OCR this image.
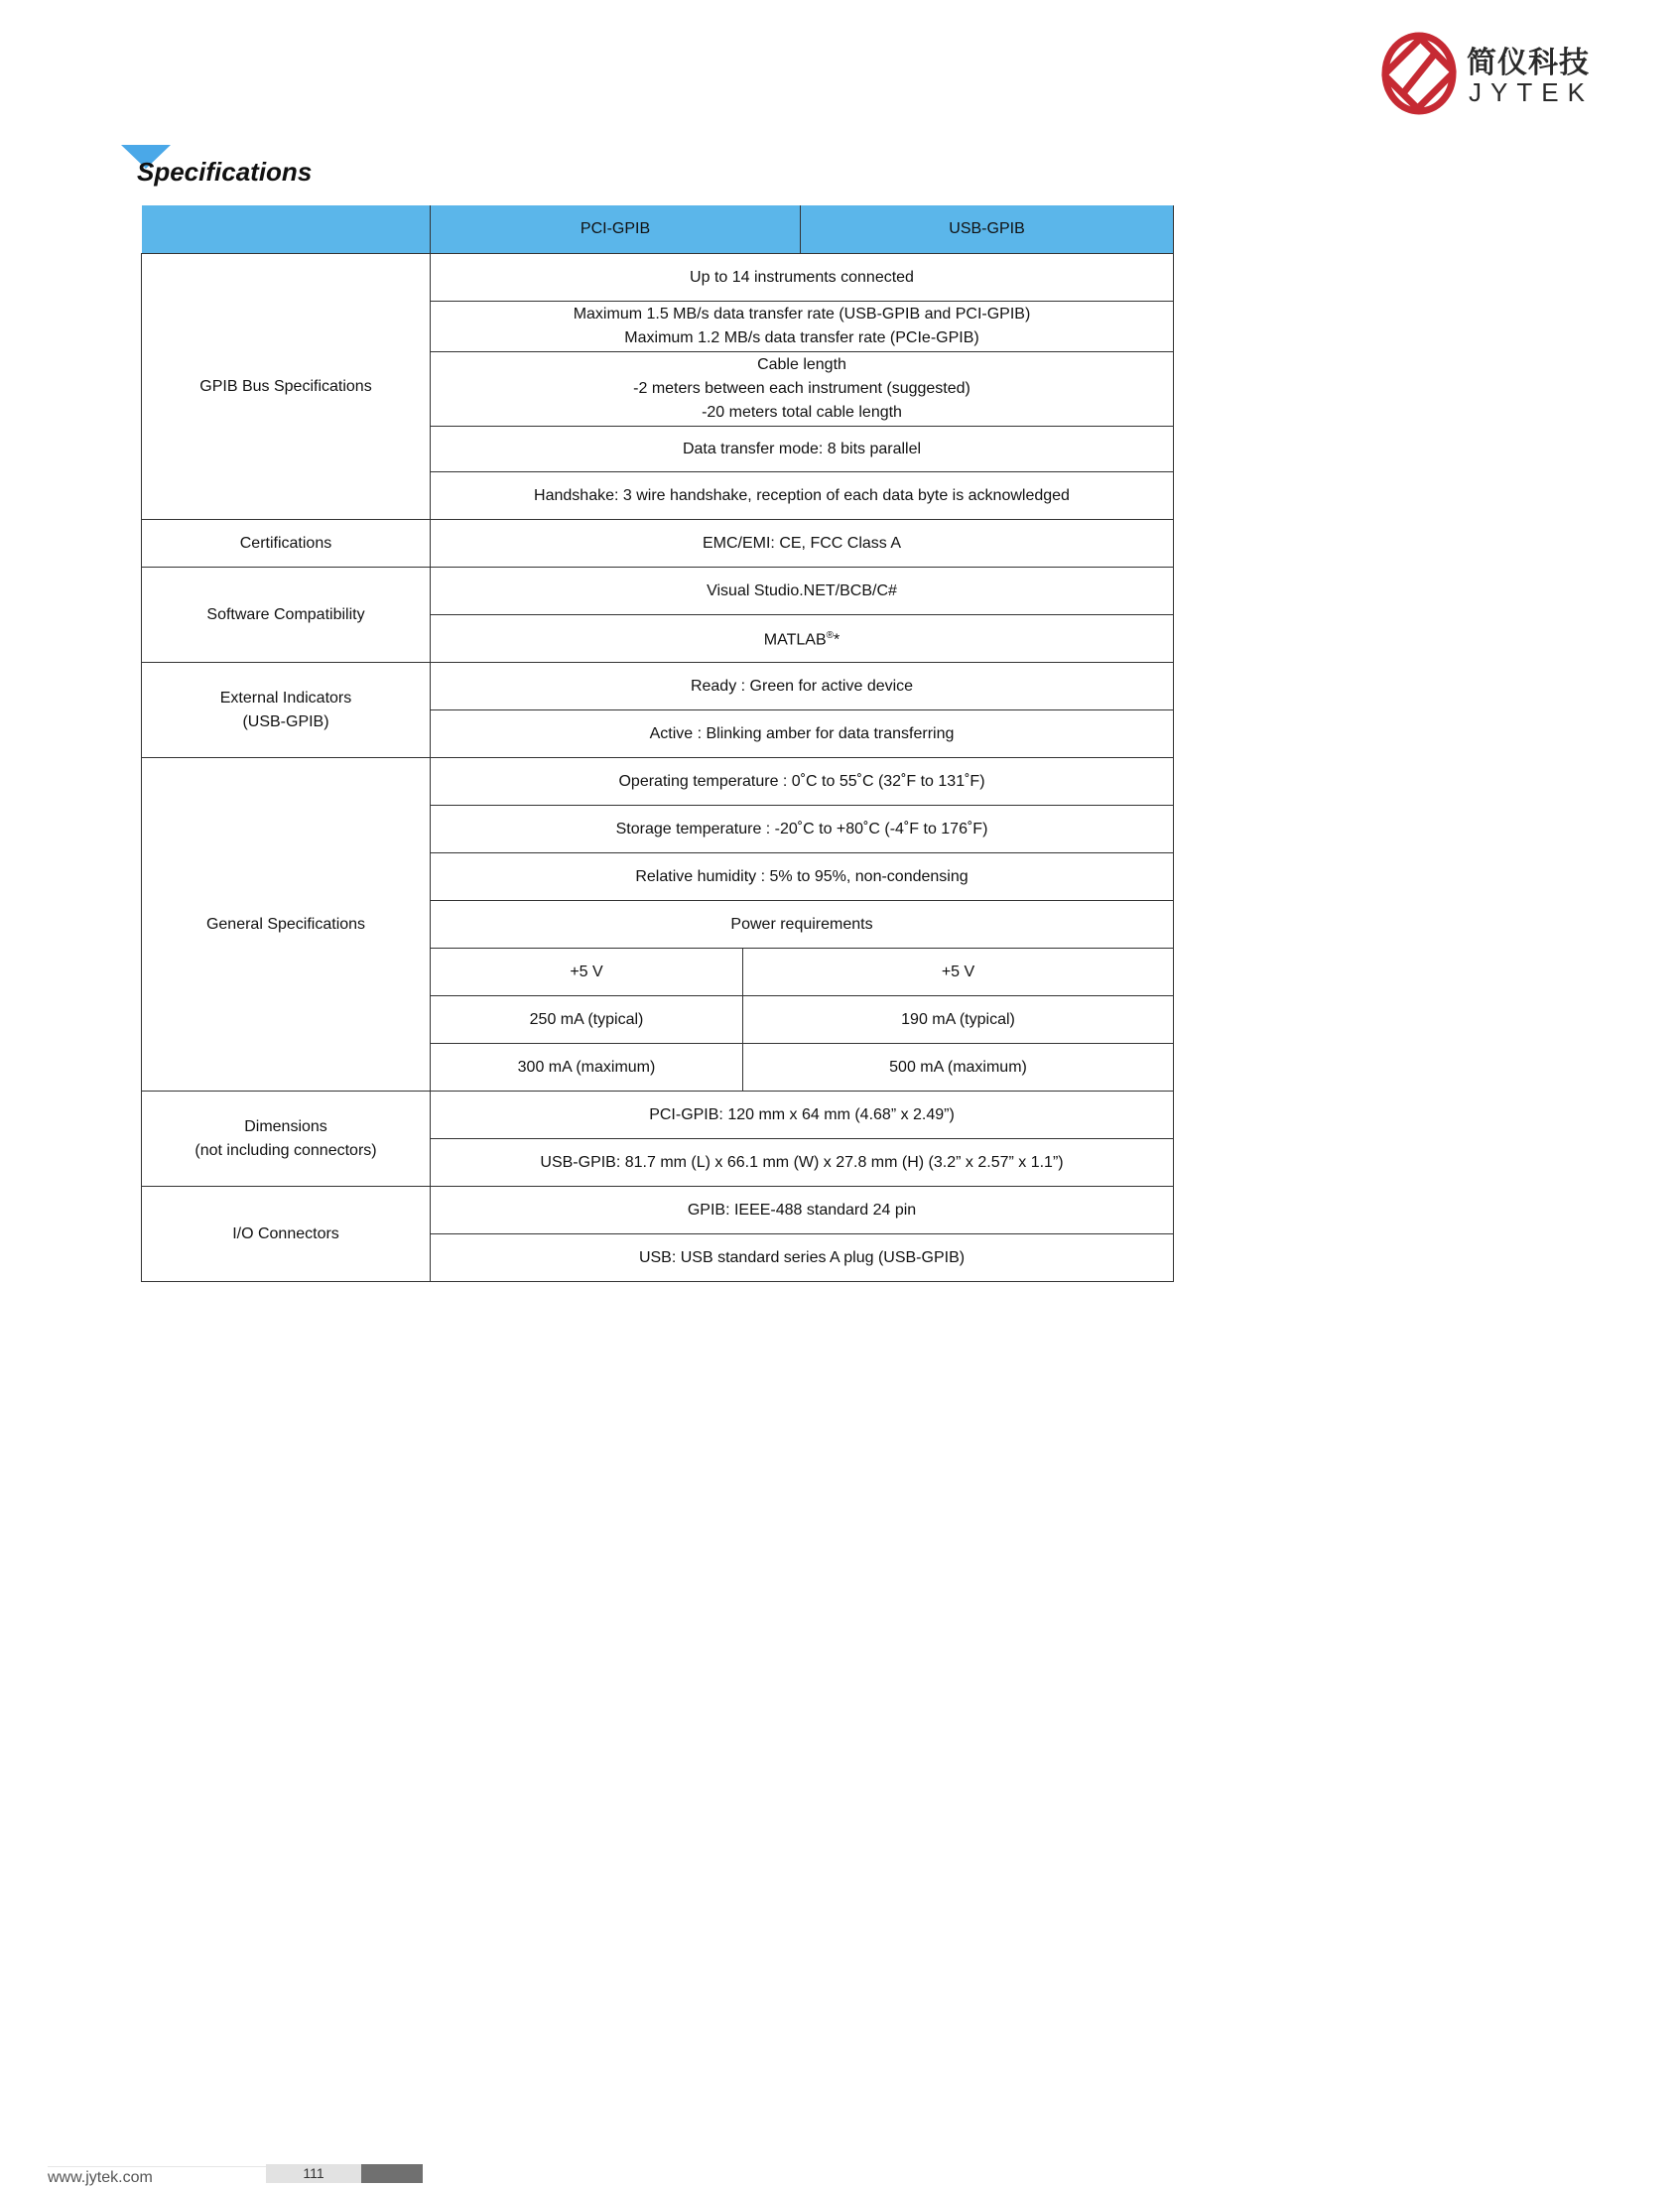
简仪科技
JYTEK
Specifications
	PCI-GPIB		USB-GPIB
GPIB Bus Specifications	Up to 14 instruments connected		
	Maximum 1.5 MB/s data transfer rate (USB-GPIB and PCI-GPIB)
Maximum 1.2 MB/s data transfer rate (PCIe-GPIB)		
	Cable length
-2 meters between each instrument (suggested)
-20 meters total cable length		
	Data transfer mode: 8 bits parallel		
	Handshake: 3 wire handshake, reception of each data byte is acknowledged		
Certifications	EMC/EMI: CE, FCC Class A		
Software Compatibility	Visual Studio.NET/BCB/C#		
	MATLAB®*		
External Indicators
(USB-GPIB)	Ready : Green for active device		
	Active : Blinking amber for data transferring		
General Specifications	Operating temperature : 0˚C to 55˚C (32˚F to 131˚F)		
	Storage temperature : -20˚C to +80˚C (-4˚F to 176˚F)		
	Relative humidity : 5% to 95%, non-condensing		
	Power requirements		
	+5 V	+5 V	
	250 mA (typical)	190 mA (typical)	
	300 mA (maximum)	500 mA (maximum)	
Dimensions
(not including connectors)	PCI-GPIB: 120 mm x 64 mm (4.68” x 2.49”)		
	USB-GPIB: 81.7 mm (L) x 66.1 mm (W) x 27.8 mm (H) (3.2” x 2.57” x 1.1”)		
I/O Connectors	GPIB: IEEE-488 standard 24 pin		
	USB: USB standard series A plug (USB-GPIB)		
www.jytek.com	111
